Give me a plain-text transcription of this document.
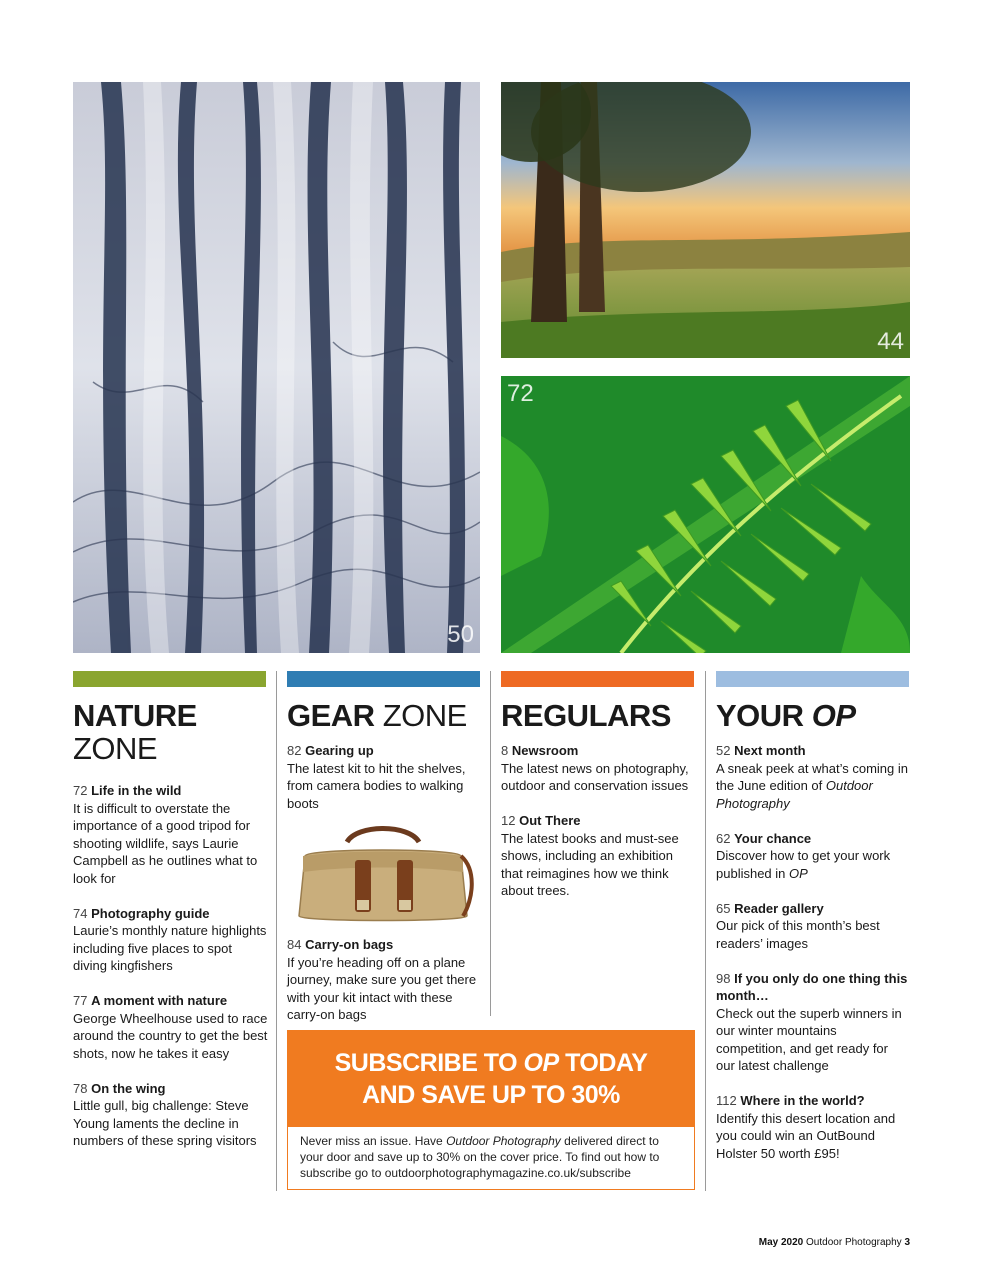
50
44
72
NATURE
ZONE
72 Life in the wild
It is difficult to overstate the importance of a good tripod for shooting wildlife, says Laurie Campbell as he outlines what to look for
74 Photography guide
Laurie’s monthly nature highlights including five places to spot diving kingfishers
77 A moment with nature
George Wheelhouse used to race around the country to get the best shots, now he takes it easy
78 On the wing
Little gull, big challenge: Steve Young laments the decline in numbers of these spring visitors
GEAR ZONE
82 Gearing up
The latest kit to hit the shelves, from camera bodies to walking boots
84 Carry-on bags
If you’re heading off on a plane journey, make sure you get there with your kit intact with these carry-on bags
REGULARS
8 Newsroom
The latest news on photography, outdoor and conservation issues
12 Out There
The latest books and must-see shows, including an exhibition that reimagines how we think about trees.
YOUR OP
52 Next month
A sneak peek at what’s coming in the June edition of Outdoor Photography
62 Your chance
Discover how to get your work published in OP
65 Reader gallery
Our pick of this month’s best readers’ images
98 If you only do one thing this month…
Check out the superb winners in our winter mountains competition, and get ready for our latest challenge
112 Where in the world?
Identify this desert location and you could win an OutBound Holster 50 worth £95!
SUBSCRIBE TO OP TODAY
AND SAVE UP TO 30%
Never miss an issue. Have Outdoor Photography delivered direct to your door and save up to 30% on the cover price. To find out how to subscribe go to outdoorphotographymagazine.co.uk/subscribe
May 2020 Outdoor Photography 3
